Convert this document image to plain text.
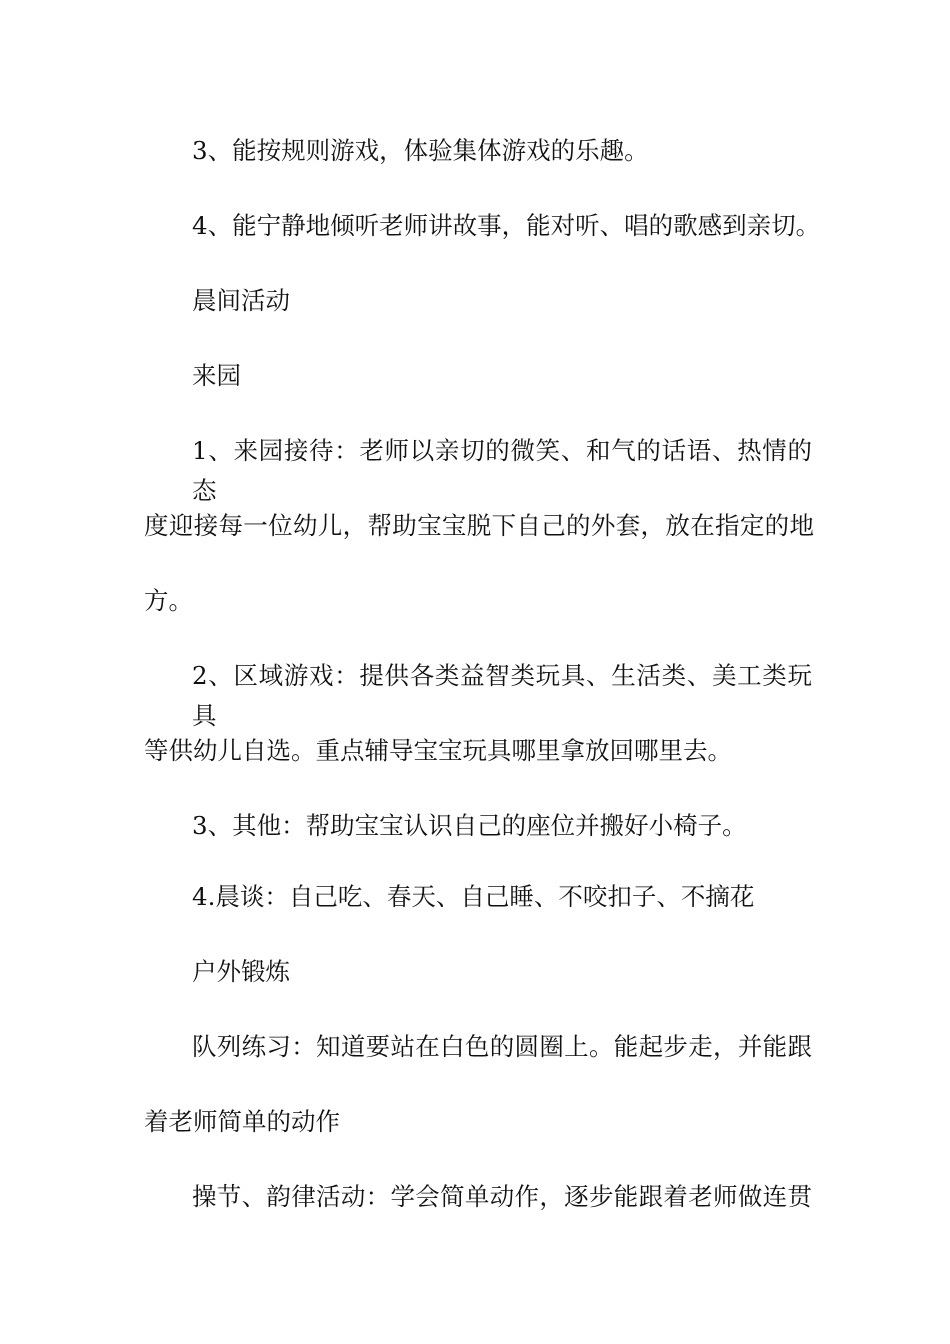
3、能按规则游戏，体验集体游戏的乐趣。
4、能宁静地倾听老师讲故事，能对听、唱的歌感到亲切。
晨间活动
来园
1、来园接待：老师以亲切的微笑、和气的话语、热情的态
度迎接每一位幼儿，帮助宝宝脱下自己的外套，放在指定的地
方。
2、区域游戏：提供各类益智类玩具、生活类、美工类玩具
等供幼儿自选。重点辅导宝宝玩具哪里拿放回哪里去。
3、其他：帮助宝宝认识自己的座位并搬好小椅子。
4.晨谈：自己吃、春天、自己睡、不咬扣子、不摘花
户外锻炼
队列练习：知道要站在白色的圆圈上。能起步走，并能跟
着老师简单的动作
操节、韵律活动：学会简单动作，逐步能跟着老师做连贯
